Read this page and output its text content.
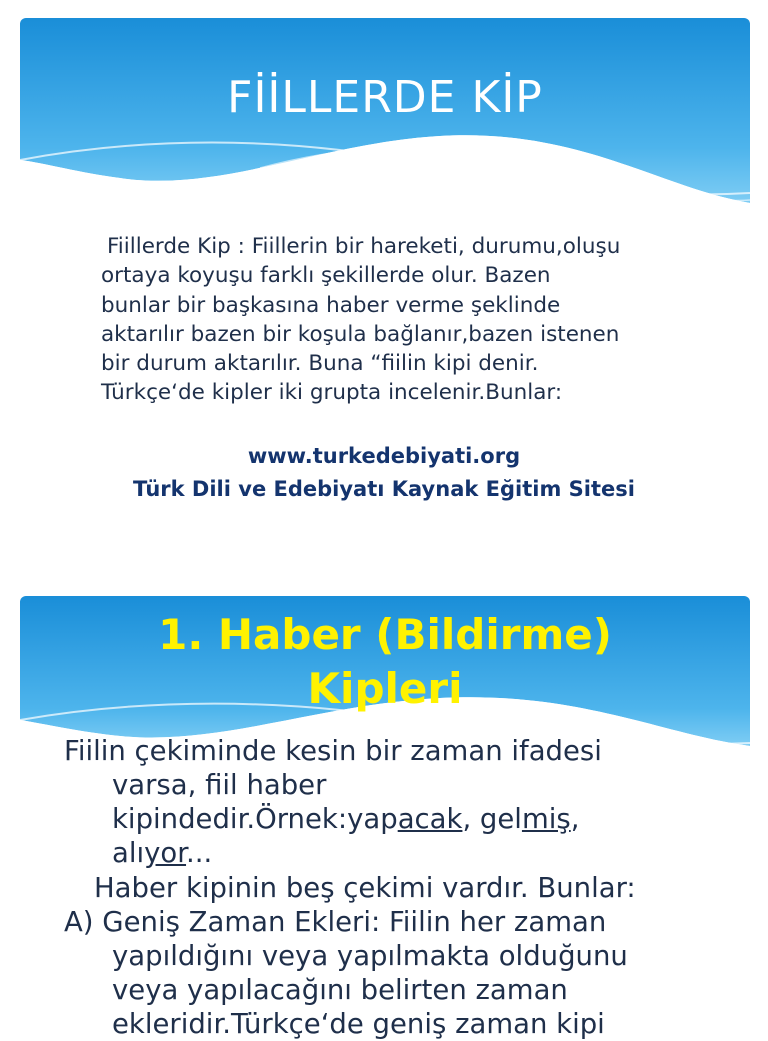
FİİLLERDE KİP
Fiillerde Kip : Fiillerin bir hareketi, durumu,oluşu
ortaya koyuşu farklı şekillerde olur. Bazen
bunlar bir başkasına haber verme şeklinde
aktarılır bazen bir koşula bağlanır,bazen istenen
bir durum aktarılır. Buna “fiilin kipi denir.
Türkçe‘de kipler iki grupta incelenir.Bunlar:
www.turkedebiyati.org
Türk Dili ve Edebiyatı Kaynak Eğitim Sitesi
1. Haber (Bildirme)
Kipleri
Fiilin çekiminde kesin bir zaman ifadesi
varsa, fiil haber
kipindedir.Örnek:yapacak, gelmiş,
alıyor...
Haber kipinin beş çekimi vardır. Bunlar:
A) Geniş Zaman Ekleri: Fiilin her zaman
yapıldığını veya yapılmakta olduğunu
veya yapılacağını belirten zaman
ekleridir.Türkçe‘de geniş zaman kipi
